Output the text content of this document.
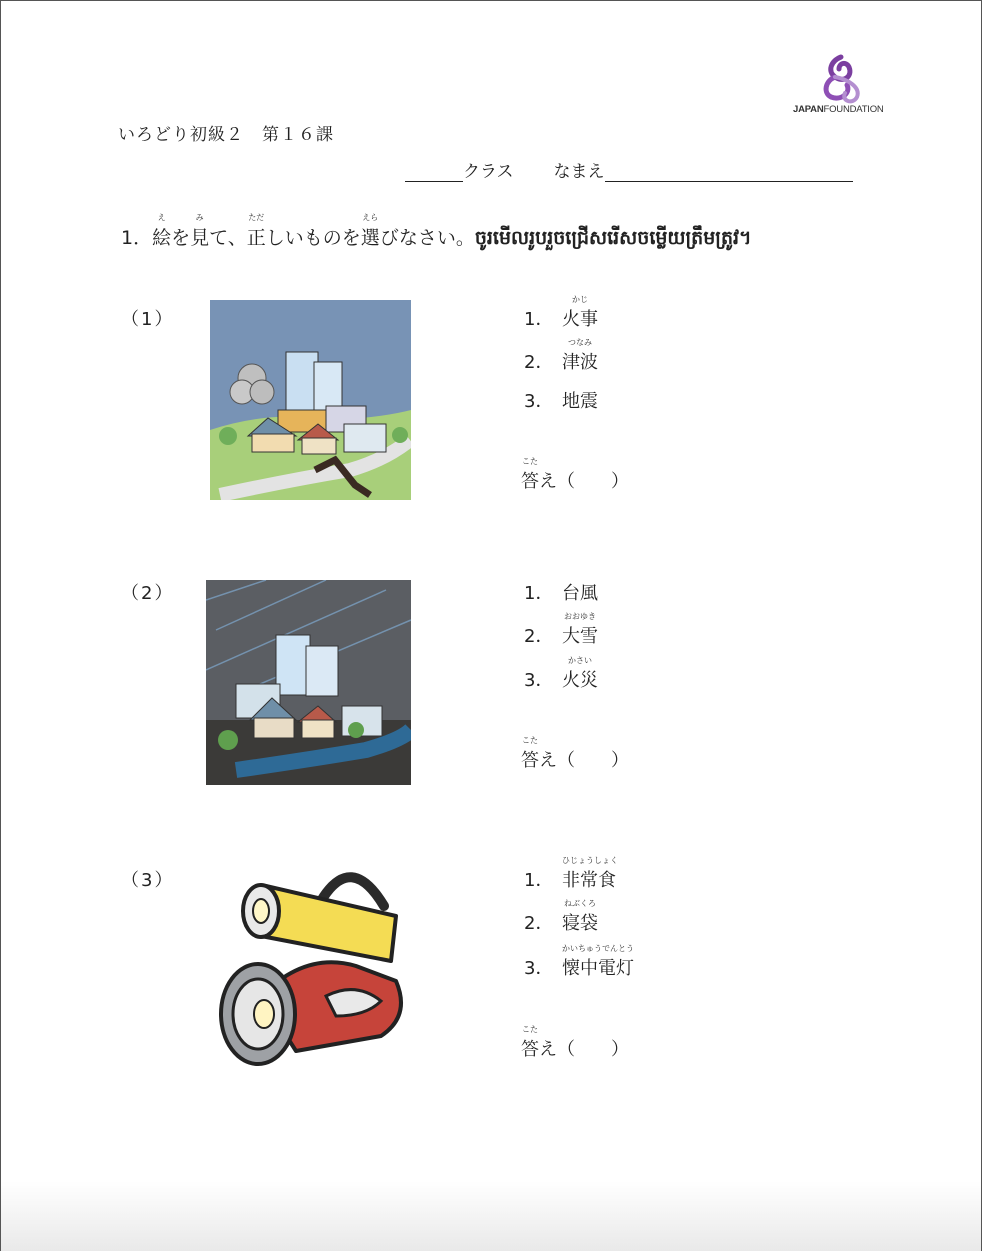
JAPANFOUNDATION
いろどり初級２　第１６課
クラス なまえ
1．
え
絵を
み
見て、
ただ
正しいものを
えら
選びなさい。ចូរមើលរូបរួចជ្រើសរើសចម្លើយត្រឹមត្រូវ។
（1）
（2）
（3）
1．
かじ
火事
2．
つなみ
津波
3． 地震
こた
答え（　　）
1． 台風
2．
おおゆき
大雪
3．
かさい
火災
こた
答え（　　）
1．
ひじょうしょく
非常食
2．
ねぶくろ
寝袋
3．
かいちゅうでんとう
懐中電灯
こた
答え（　　）
